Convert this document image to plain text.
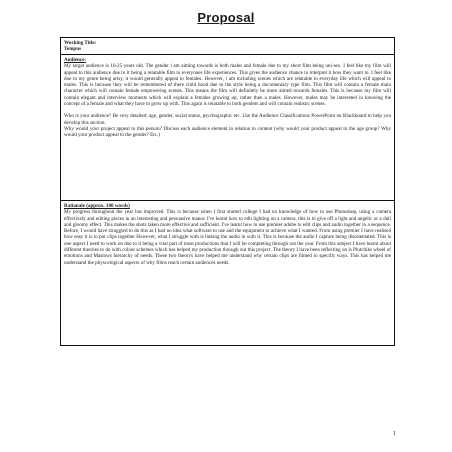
Proposal
Working Title:
Tempus
Audience:

My target audience is 16-25 years old. The gender i am aiming towards is both males and female due to my short film being uni-sex. I feel like my film will appeal to this audience due to it being a relatable film to everyones life experiences. This gives the audience chance to interpret it how they want to. I feel like due to my genre being artsy, it would generally appeal to females. However, i am including scenes which are relatable to everyday life which will appeal to males. This is because they will be remembered of there child hood due to the style being a documentary type film. This film will contain a female main character which will contain female empowering scenes. This means the film will definitely be more aimed towards females. This is because my film will contain elegant and interview moments which will explain a females growing up, rather then a males. However, males may be interested in knowing the concept of a female and what they have to grow up with. This again is relatable to both genders and will contain realistic scenes.

Who is your audience? Be very detailed; age, gender, social status, psychographic etc. Use the Audience Classifications PowerPoint on Blackboard to help you develop this section.

Why would your project appeal to this person? Discuss each audience element in relation to content (why would your product appeal to the age group? Why would your product appeal to the gender? Etc.)

Rationale (approx. 100 words)

My progress throughout the year has improved. This is because when I first started college I had no knowledge of how to use Photoshop, using a camera effectively and editing pieces in an interesting and persuasive manor. I've learnt how to edit lighting on a camera, this is to give off a light and angelic or a dull and gloomy effect. This makes the shots taken more effective and sufficient. I've learnt how to use premier adobe to edit clips and audio together in a sequence. Before, I would have struggled to do this as I had no idea what software to use and the equipment to achieve what I wanted. From using premier I have realised how easy it is to put clips together However, what I struggle with is linking the audio in with it. This is because the audio I capture being disorientated. This is one aspect I need to work on due to it being a vital part of most productions that I will be completing through out the year. From this subject I have learnt about different theories to do with colour schemes which has helped my production through out this project. The theory I have been reflecting on is Plutchiks wheel of emotions and Maslows hierarchy of needs. These two theorys have helped me understand why certain clips are filmed in specific ways. This has helped me understand the physcological aspects of why films reach certain audiences needs.

1
